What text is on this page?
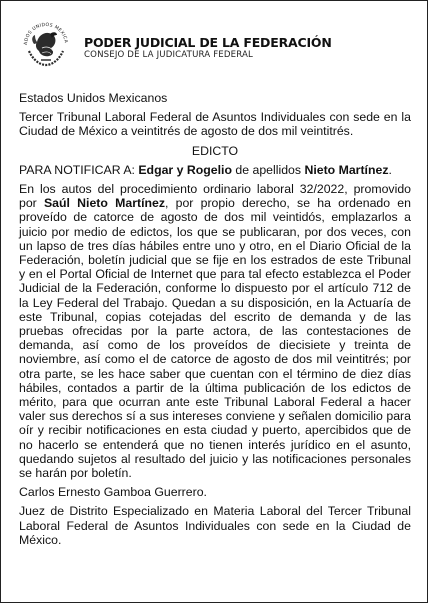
ADOS UNIDOS MEXICA PODER JUDICIAL DE LA FEDERACIÓN
CONSEJO DE LA JUDICATURA FEDERAL

Estados Unidos Mexicanos

Tercer Tribunal Laboral Federal de Asuntos Individuales con sede en la Ciudad de México a veintitrés de agosto de dos mil veintitrés.

EDICTO

PARA NOTIFICAR A: Edgar y Rogelio de apellidos Nieto Martínez.

En los autos del procedimiento ordinario laboral 32/2022, promovido por Saúl Nieto Martínez, por propio derecho, se ha ordenado en proveído de catorce de agosto de dos mil veintidós, emplazarlos a juicio por medio de edictos, los que se publicaran, por dos veces, con un lapso de tres días hábiles entre uno y otro, en el Diario Oficial de la Federación, boletín judicial que se fije en los estrados de este Tribunal y en el Portal Oficial de Internet que para tal efecto establezca el Poder Judicial de la Federación, conforme lo dispuesto por el artículo 712 de la Ley Federal del Trabajo. Quedan a su disposición, en la Actuaría de este Tribunal, copias cotejadas del escrito de demanda y de las pruebas ofrecidas por la parte actora, de las contestaciones de demanda, así como de los proveídos de diecisiete y treinta de noviembre, así como el de catorce de agosto de dos mil veintitrés; por otra parte, se les hace saber que cuentan con el término de diez días hábiles, contados a partir de la última publicación de los edictos de mérito, para que ocurran ante este Tribunal Laboral Federal a hacer valer sus derechos sí a sus intereses conviene y señalen domicilio para oír y recibir notificaciones en esta ciudad y puerto, apercibidos que de no hacerlo se entenderá que no tienen interés jurídico en el asunto, quedando sujetos al resultado del juicio y las notificaciones personales se harán por boletín.

Carlos Ernesto Gamboa Guerrero.

Juez de Distrito Especializado en Materia Laboral del Tercer Tribunal Laboral Federal de Asuntos Individuales con sede en la Ciudad de México.
